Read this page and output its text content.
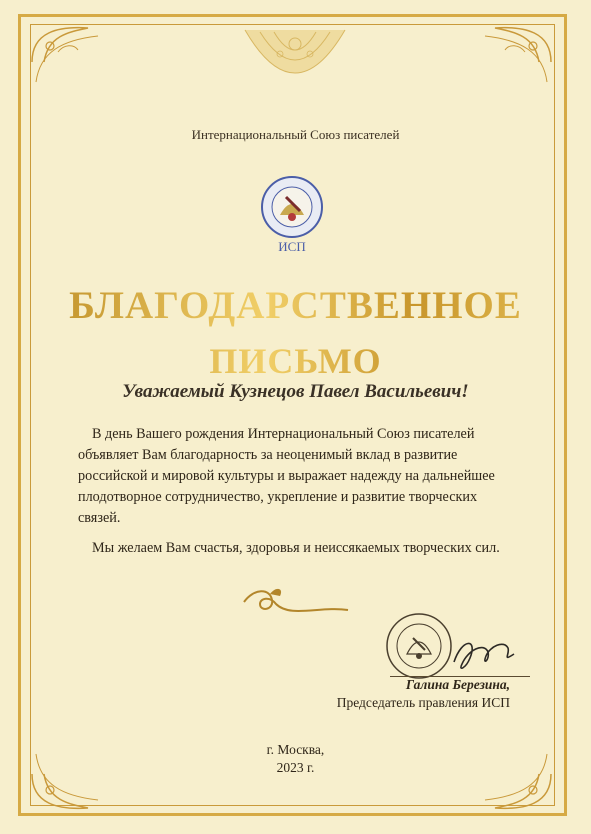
Интернациональный Союз писателей
ИСП
БЛАГОДАРСТВЕННОЕ
ПИСЬМО
Уважаемый Кузнецов Павел Васильевич!
В день Вашего рождения Интернациональный Союз писателей объявляет Вам благодарность за неоценимый вклад в развитие российской и мировой культуры и выражает надежду на дальнейшее плодотворное сотрудничество, укрепление и развитие творческих связей.
Мы желаем Вам счастья, здоровья и неиссякаемых творческих сил.
Галина Березина,
Председатель правления ИСП
г. Москва,
2023 г.
